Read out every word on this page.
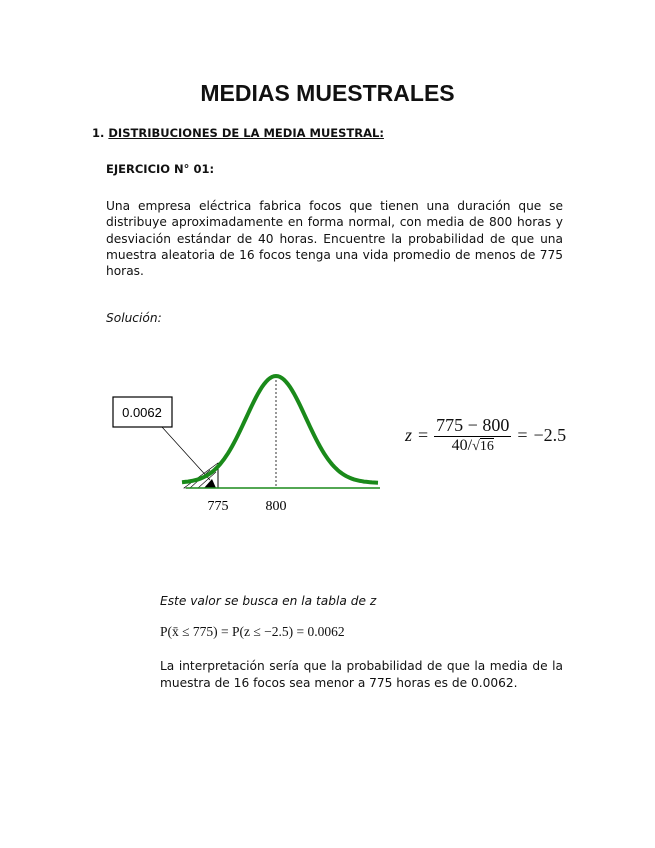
MEDIAS MUESTRALES
1. DISTRIBUCIONES DE LA MEDIA MUESTRAL:
EJERCICIO N° 01:
Una empresa eléctrica fabrica focos que tienen una duración que se distribuye aproximadamente en forma normal, con media de 800 horas y desviación estándar de 40 horas. Encuentre la probabilidad de que una muestra aleatoria de 16 focos tenga una vida promedio de menos de 775 horas.
Solución:
0.0062
775	800
$z = \frac{775 - 800}{40/√16} = -2.5$
Este valor se busca en la tabla de z
P(x̄ ≤ 775) = P(z ≤ −2.5) = 0.0062
La interpretación sería que la probabilidad de que la media de la muestra de 16 focos sea menor a 775 horas es de 0.0062.
